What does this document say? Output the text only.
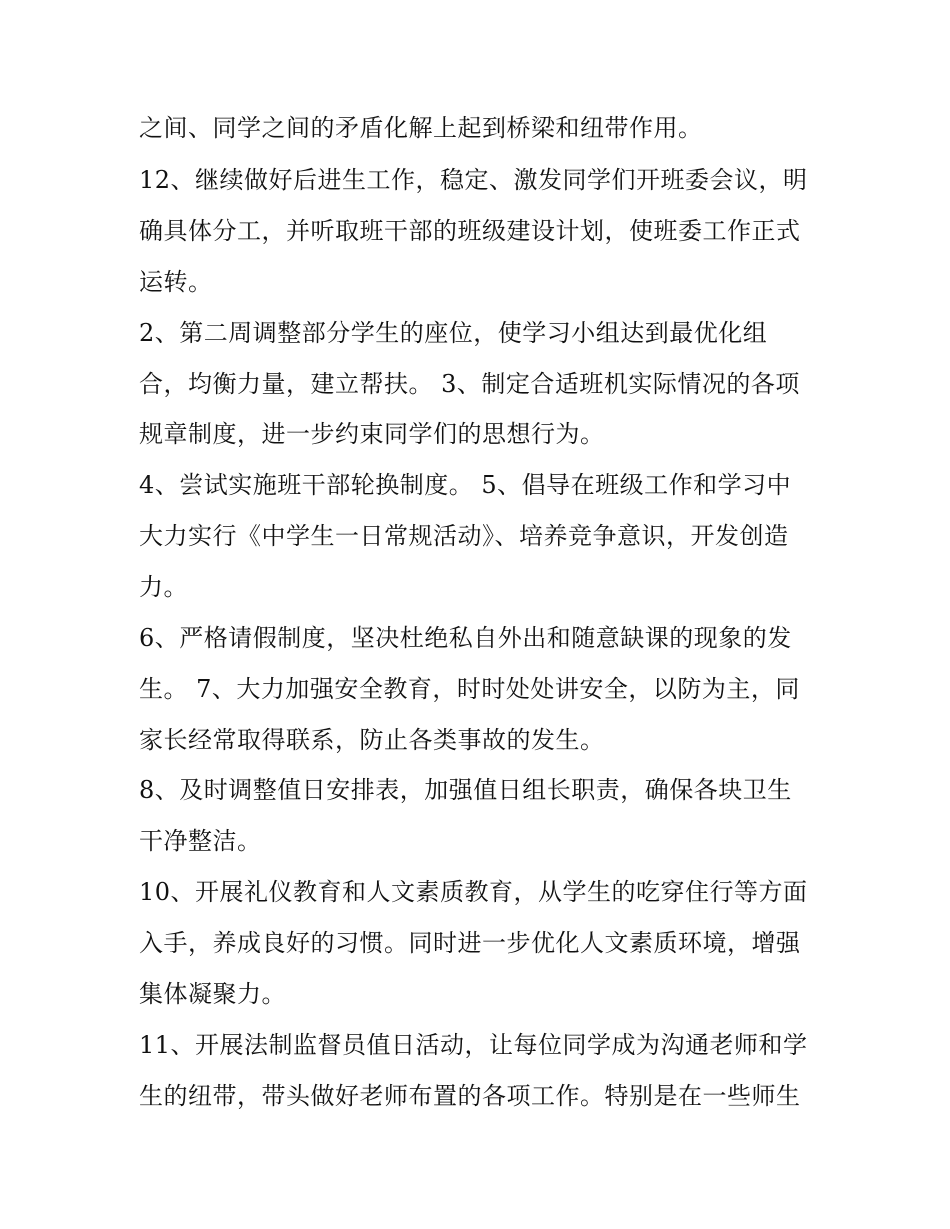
之间、同学之间的矛盾化解上起到桥梁和纽带作用。
12、继续做好后进生工作，稳定、激发同学们开班委会议，明
确具体分工，并听取班干部的班级建设计划，使班委工作正式
运转。
2、第二周调整部分学生的座位，使学习小组达到最优化组
合，均衡力量，建立帮扶。 3、制定合适班机实际情况的各项
规章制度，进一步约束同学们的思想行为。
4、尝试实施班干部轮换制度。 5、倡导在班级工作和学习中
大力实行《中学生一日常规活动》、培养竞争意识，开发创造
力。
6、严格请假制度，坚决杜绝私自外出和随意缺课的现象的发
生。 7、大力加强安全教育，时时处处讲安全，以防为主，同
家长经常取得联系，防止各类事故的发生。
8、及时调整值日安排表，加强值日组长职责，确保各块卫生
干净整洁。
10、开展礼仪教育和人文素质教育，从学生的吃穿住行等方面
入手，养成良好的习惯。同时进一步优化人文素质环境，增强
集体凝聚力。
11、开展法制监督员值日活动，让每位同学成为沟通老师和学
生的纽带，带头做好老师布置的各项工作。特别是在一些师生
